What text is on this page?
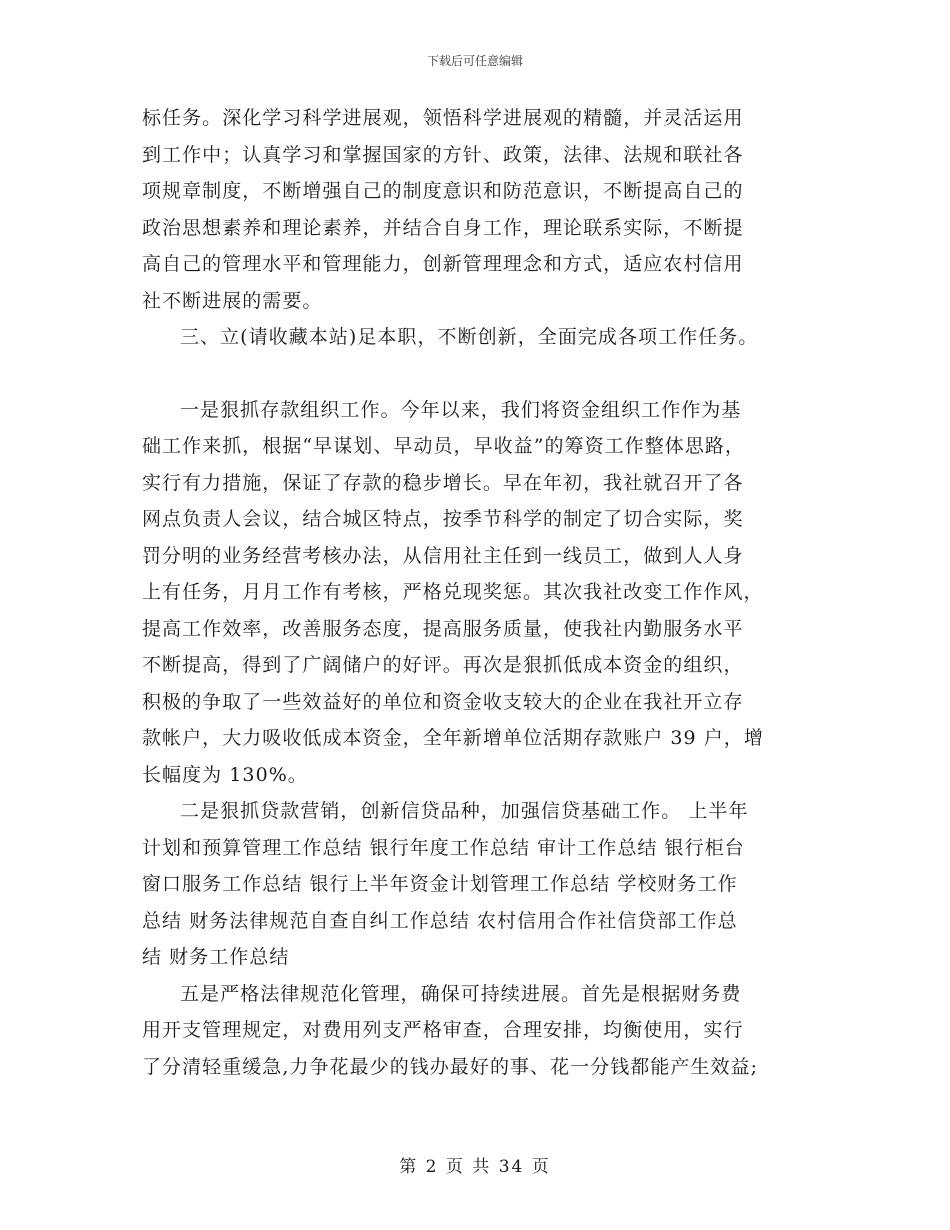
下载后可任意编辑
标任务。深化学习科学进展观，领悟科学进展观的精髓，并灵活运用
到工作中；认真学习和掌握国家的方针、政策，法律、法规和联社各
项规章制度，不断增强自己的制度意识和防范意识，不断提高自己的
政治思想素养和理论素养，并结合自身工作，理论联系实际，不断提
高自己的管理水平和管理能力，创新管理理念和方式，适应农村信用
社不断进展的需要。
三、立(请收藏本站)足本职，不断创新，全面完成各项工作任务。
一是狠抓存款组织工作。今年以来，我们将资金组织工作作为基
础工作来抓，根据“早谋划、早动员，早收益”的筹资工作整体思路，
实行有力措施，保证了存款的稳步增长。早在年初，我社就召开了各
网点负责人会议，结合城区特点，按季节科学的制定了切合实际，奖
罚分明的业务经营考核办法，从信用社主任到一线员工，做到人人身
上有任务，月月工作有考核，严格兑现奖惩。其次我社改变工作作风，
提高工作效率，改善服务态度，提高服务质量，使我社内勤服务水平
不断提高，得到了广阔储户的好评。再次是狠抓低成本资金的组织，
积极的争取了一些效益好的单位和资金收支较大的企业在我社开立存
款帐户，大力吸收低成本资金，全年新增单位活期存款账户 39 户，增
长幅度为 130%。
二是狠抓贷款营销，创新信贷品种，加强信贷基础工作。 上半年
计划和预算管理工作总结 银行年度工作总结 审计工作总结 银行柜台
窗口服务工作总结 银行上半年资金计划管理工作总结 学校财务工作
总结 财务法律规范自查自纠工作总结 农村信用合作社信贷部工作总
结 财务工作总结
五是严格法律规范化管理，确保可持续进展。首先是根据财务费
用开支管理规定，对费用列支严格审查，合理安排，均衡使用，实行
了分清轻重缓急,力争花最少的钱办最好的事、花一分钱都能产生效益;
第 2 页 共 34 页
